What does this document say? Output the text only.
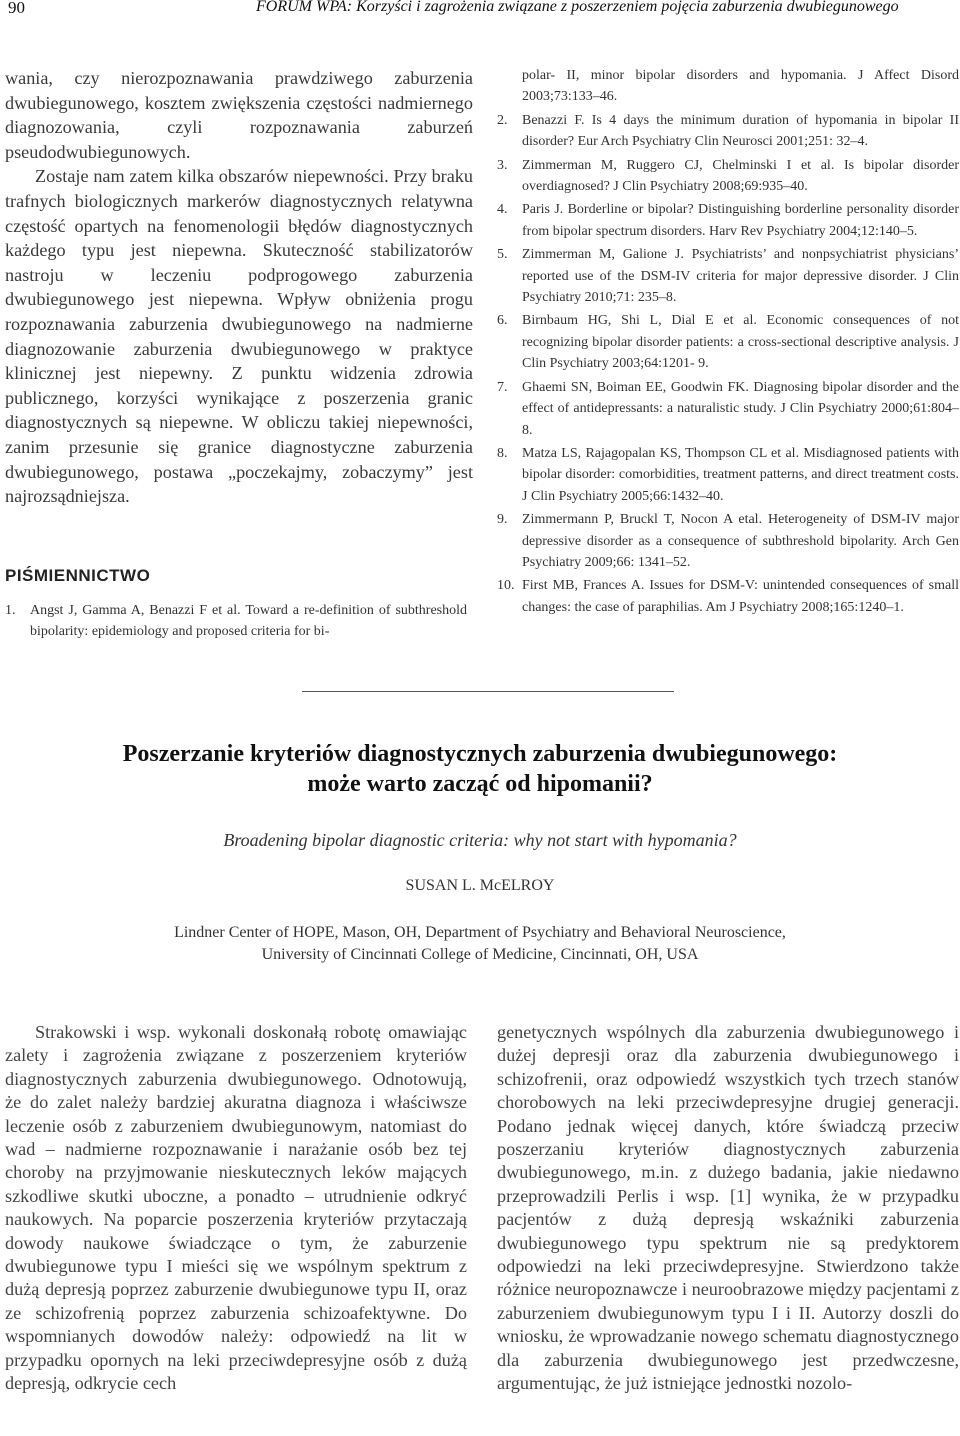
90	FORUM WPA: Korzyści i zagrożenia związane z poszerzeniem pojęcia zaburzenia dwubiegunowego

wania, czy nierozpoznawania prawdziwego zaburzenia dwubiegunowego, kosztem zwiększenia częstości nadmiernego diagnozowania, czyli rozpoznawania zaburzeń pseudodwubiegunowych.

Zostaje nam zatem kilka obszarów niepewności. Przy braku trafnych biologicznych markerów diagnostycznych relatywna częstość opartych na fenomenologii błędów diagnostycznych każdego typu jest niepewna. Skuteczność stabilizatorów nastroju w leczeniu podprogowego zaburzenia dwubiegunowego jest niepewna. Wpływ obniżenia progu rozpoznawania zaburzenia dwubiegunowego na nadmierne diagnozowanie zaburzenia dwubiegunowego w praktyce klinicznej jest niepewny. Z punktu widzenia zdrowia publicznego, korzyści wynikające z poszerzenia granic diagnostycznych są niepewne. W obliczu takiej niepewności, zanim przesunie się granice diagnostyczne zaburzenia dwubiegunowego, postawa „poczekajmy, zobaczymy” jest najrozsądniejsza.

PIŚMIENNICTWO
1. Angst J, Gamma A, Benazzi F et al. Toward a re-definition of subthreshold bipolarity: epidemiology and proposed criteria for bi-
polar- II, minor bipolar disorders and hypomania. J Affect Disord 2003;73:133–46.
2. Benazzi F. Is 4 days the minimum duration of hypomania in bipolar II disorder? Eur Arch Psychiatry Clin Neurosci 2001;251: 32–4.
3. Zimmerman M, Ruggero CJ, Chelminski I et al. Is bipolar disorder overdiagnosed? J Clin Psychiatry 2008;69:935–40.
4. Paris J. Borderline or bipolar? Distinguishing borderline personality disorder from bipolar spectrum disorders. Harv Rev Psychiatry 2004;12:140–5.
5. Zimmerman M, Galione J. Psychiatrists’ and nonpsychiatrist physicians’ reported use of the DSM-IV criteria for major depressive disorder. J Clin Psychiatry 2010;71: 235–8.
6. Birnbaum HG, Shi L, Dial E et al. Economic consequences of not recognizing bipolar disorder patients: a cross-sectional descriptive analysis. J Clin Psychiatry 2003;64:1201- 9.
7. Ghaemi SN, Boiman EE, Goodwin FK. Diagnosing bipolar disorder and the effect of antidepressants: a naturalistic study. J Clin Psychiatry 2000;61:804–8.
8. Matza LS, Rajagopalan KS, Thompson CL et al. Misdiagnosed patients with bipolar disorder: comorbidities, treatment patterns, and direct treatment costs. J Clin Psychiatry 2005;66:1432–40.
9. Zimmermann P, Bruckl T, Nocon A etal. Heterogeneity of DSM-IV major depressive disorder as a consequence of subthreshold bipolarity. Arch Gen Psychiatry 2009;66: 1341–52.
10. First MB, Frances A. Issues for DSM-V: unintended consequences of small changes: the case of paraphilias. Am J Psychiatry 2008;165:1240–1.
Poszerzanie kryteriów diagnostycznych zaburzenia dwubiegunowego:
może warto zacząć od hipomanii?
Broadening bipolar diagnostic criteria: why not start with hypomania?
SUSAN L. McELROY
Lindner Center of HOPE, Mason, OH, Department of Psychiatry and Behavioral Neuroscience,
University of Cincinnati College of Medicine, Cincinnati, OH, USA

Strakowski i wsp. wykonali doskonałą robotę omawiając zalety i zagrożenia związane z poszerzeniem kryteriów diagnostycznych zaburzenia dwubiegunowego. Odnotowują, że do zalet należy bardziej akuratna diagnoza i właściwsze leczenie osób z zaburzeniem dwubiegunowym, natomiast do wad – nadmierne rozpoznawanie i narażanie osób bez tej choroby na przyjmowanie nieskutecznych leków mających szkodliwe skutki uboczne, a ponadto – utrudnienie odkryć naukowych. Na poparcie poszerzenia kryteriów przytaczają dowody naukowe świadczące o tym, że zaburzenie dwubiegunowe typu I mieści się we wspólnym spektrum z dużą depresją poprzez zaburzenie dwubiegunowe typu II, oraz ze schizofrenią poprzez zaburzenia schizoafektywne. Do wspomnianych dowodów należy: odpowiedź na lit w przypadku opornych na leki przeciwdepresyjne osób z dużą depresją, odkrycie cech

genetycznych wspólnych dla zaburzenia dwubiegunowego i dużej depresji oraz dla zaburzenia dwubiegunowego i schizofrenii, oraz odpowiedź wszystkich tych trzech stanów chorobowych na leki przeciwdepresyjne drugiej generacji. Podano jednak więcej danych, które świadczą przeciw poszerzaniu kryteriów diagnostycznych zaburzenia dwubiegunowego, m.in. z dużego badania, jakie niedawno przeprowadzili Perlis i wsp. [1] wynika, że w przypadku pacjentów z dużą depresją wskaźniki zaburzenia dwubiegunowego typu spektrum nie są predyktorem odpowiedzi na leki przeciwdepresyjne. Stwierdzono także różnice neuropoznawcze i neuroobrazowe między pacjentami z zaburzeniem dwubiegunowym typu I i II. Autorzy doszli do wniosku, że wprowadzanie nowego schematu diagnostycznego dla zaburzenia dwubiegunowego jest przedwczesne, argumentując, że już istniejące jednostki nozolo-
